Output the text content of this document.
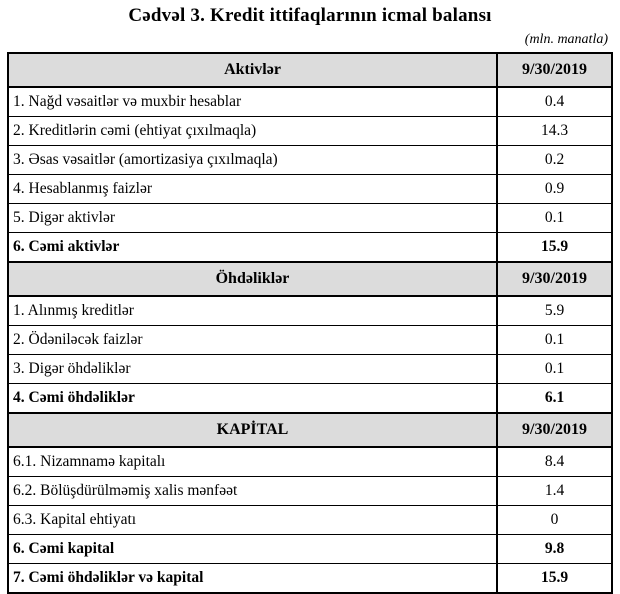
Cədvəl 3. Kredit ittifaqlarının icmal balansı
(mln. manatla)
Aktivlər	9/30/2019
1. Nağd vəsaitlər və muxbir hesablar	0.4
2. Kreditlərin cəmi (ehtiyat çıxılmaqla)	14.3
3. Əsas vəsaitlər (amortizasiya çıxılmaqla)	0.2
4. Hesablanmış faizlər	0.9
5. Digər aktivlər	0.1
6. Cəmi aktivlər	15.9
Öhdəliklər	9/30/2019
1. Alınmış kreditlər	5.9
2. Ödəniləcək faizlər	0.1
3. Digər öhdəliklər	0.1
4. Cəmi öhdəliklər	6.1
KAPİTAL	9/30/2019
6.1. Nizamnamə kapitalı	8.4
6.2. Bölüşdürülməmiş xalis mənfəət	1.4
6.3. Kapital ehtiyatı	0
6. Cəmi kapital	9.8
7. Cəmi öhdəliklər və kapital	15.9
